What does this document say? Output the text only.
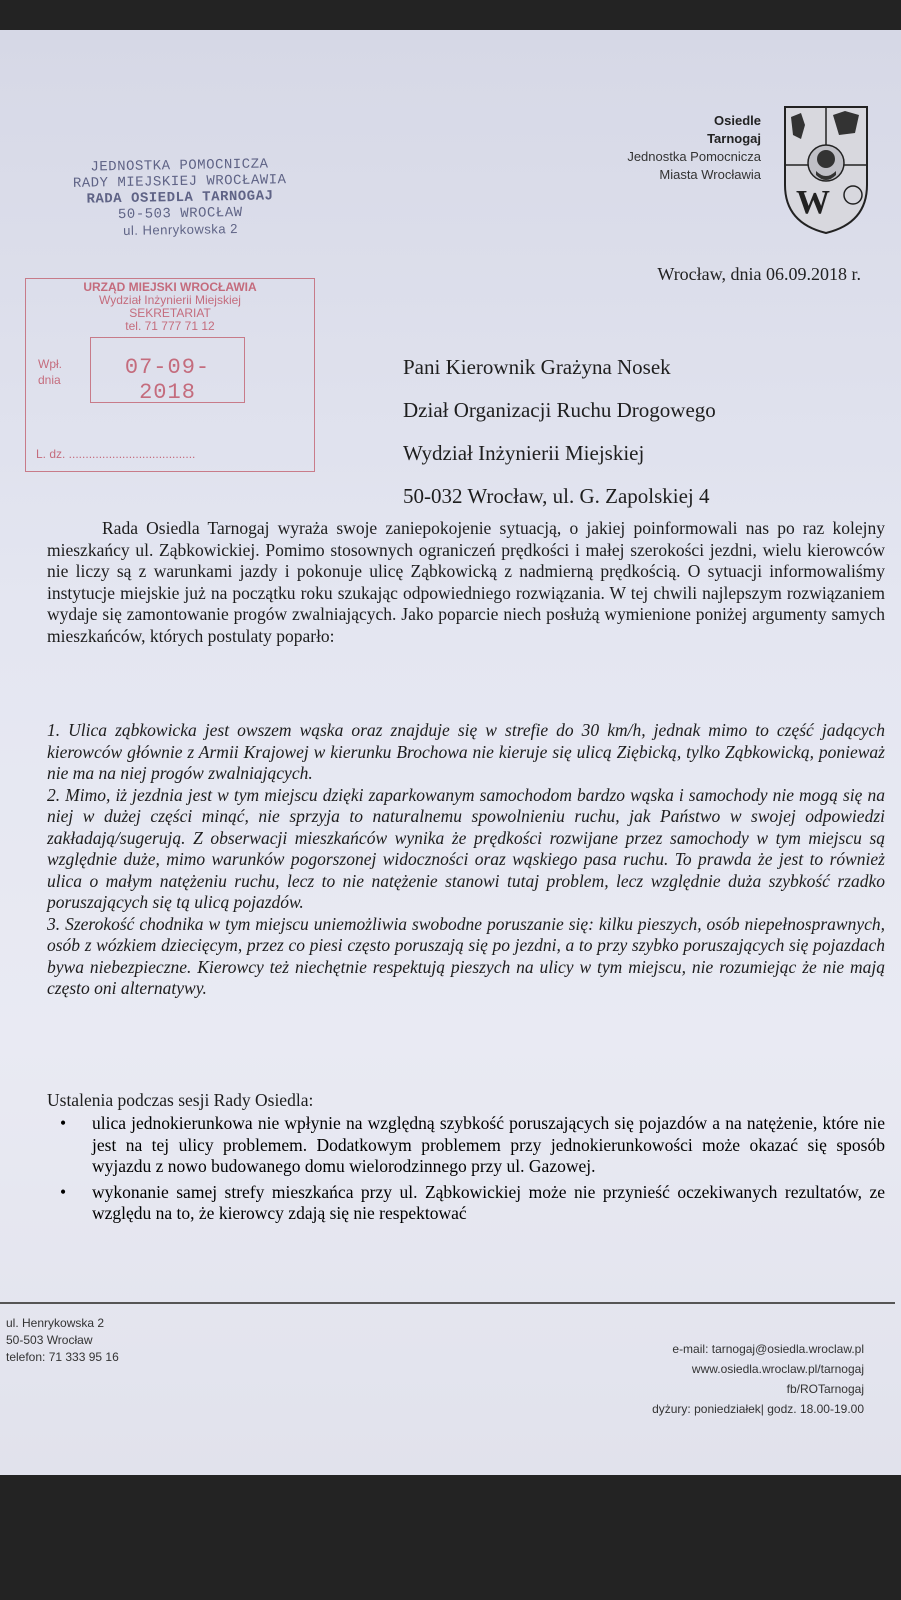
Osiedle
Tarnogaj
Jednostka Pomocnicza
Miasta Wrocławia
W
JEDNOSTKA POMOCNICZA
RADY MIEJSKIEJ WROCŁAWIA
RADA OSIEDLA TARNOGAJ
50-503 WROCŁAW
ul. Henrykowska 2
URZĄD MIEJSKI WROCŁAWIA
Wydział Inżynierii Miejskiej
SEKRETARIAT
tel. 71 777 71 12
Wpł.
dnia	07-09- 2018
L. dz. ......................................
Wrocław, dnia 06.09.2018 r.
Pani Kierownik Grażyna Nosek
Dział Organizacji Ruchu Drogowego
Wydział Inżynierii Miejskiej
50-032 Wrocław, ul. G. Zapolskiej 4
Rada Osiedla Tarnogaj wyraża swoje zaniepokojenie sytuacją, o jakiej poinformowali nas po raz kolejny mieszkańcy ul. Ząbkowickiej. Pomimo stosownych ograniczeń prędkości i małej szerokości jezdni, wielu kierowców nie liczy są z warunkami jazdy i pokonuje ulicę Ząbkowicką z nadmierną prędkością. O sytuacji informowaliśmy instytucje miejskie już na początku roku szukając odpowiedniego rozwiązania. W tej chwili najlepszym rozwiązaniem wydaje się zamontowanie progów zwalniających. Jako poparcie niech posłużą wymienione poniżej argumenty samych mieszkańców, których postulaty poparło:

1. Ulica ząbkowicka jest owszem wąska oraz znajduje się w strefie do 30 km/h, jednak mimo to część jadących kierowców głównie z Armii Krajowej w kierunku Brochowa nie kieruje się ulicą Ziębicką, tylko Ząbkowicką, ponieważ nie ma na niej progów zwalniających.

2. Mimo, iż jezdnia jest w tym miejscu dzięki zaparkowanym samochodom bardzo wąska i samochody nie mogą się na niej w dużej części minąć, nie sprzyja to naturalnemu spowolnieniu ruchu, jak Państwo w swojej odpowiedzi zakładają/sugerują. Z obserwacji mieszkańców wynika że prędkości rozwijane przez samochody w tym miejscu są względnie duże, mimo warunków pogorszonej widoczności oraz wąskiego pasa ruchu. To prawda że jest to również ulica o małym natężeniu ruchu, lecz to nie natężenie stanowi tutaj problem, lecz względnie duża szybkość rzadko poruszających się tą ulicą pojazdów.

3. Szerokość chodnika w tym miejscu uniemożliwia swobodne poruszanie się: kilku pieszych, osób niepełnosprawnych, osób z wózkiem dziecięcym, przez co piesi często poruszają się po jezdni, a to przy szybko poruszających się pojazdach bywa niebezpieczne. Kierowcy też niechętnie respektują pieszych na ulicy w tym miejscu, nie rozumiejąc że nie mają często oni alternatywy.

Ustalenia podczas sesji Rady Osiedla:
• ulica jednokierunkowa nie wpłynie na względną szybkość poruszających się pojazdów a na natężenie, które nie jest na tej ulicy problemem. Dodatkowym problemem przy jednokierunkowości może okazać się sposób wyjazdu z nowo budowanego domu wielorodzinnego przy ul. Gazowej.
• wykonanie samej strefy mieszkańca przy ul. Ząbkowickiej może nie przynieść oczekiwanych rezultatów, ze względu na to, że kierowcy zdają się nie respektować
ul. Henrykowska 2
50-503 Wrocław
telefon: 71 333 95 16
e-mail: tarnogaj@osiedla.wroclaw.pl
www.osiedla.wroclaw.pl/tarnogaj
fb/ROTarnogaj
dyżury: poniedziałek| godz. 18.00-19.00
